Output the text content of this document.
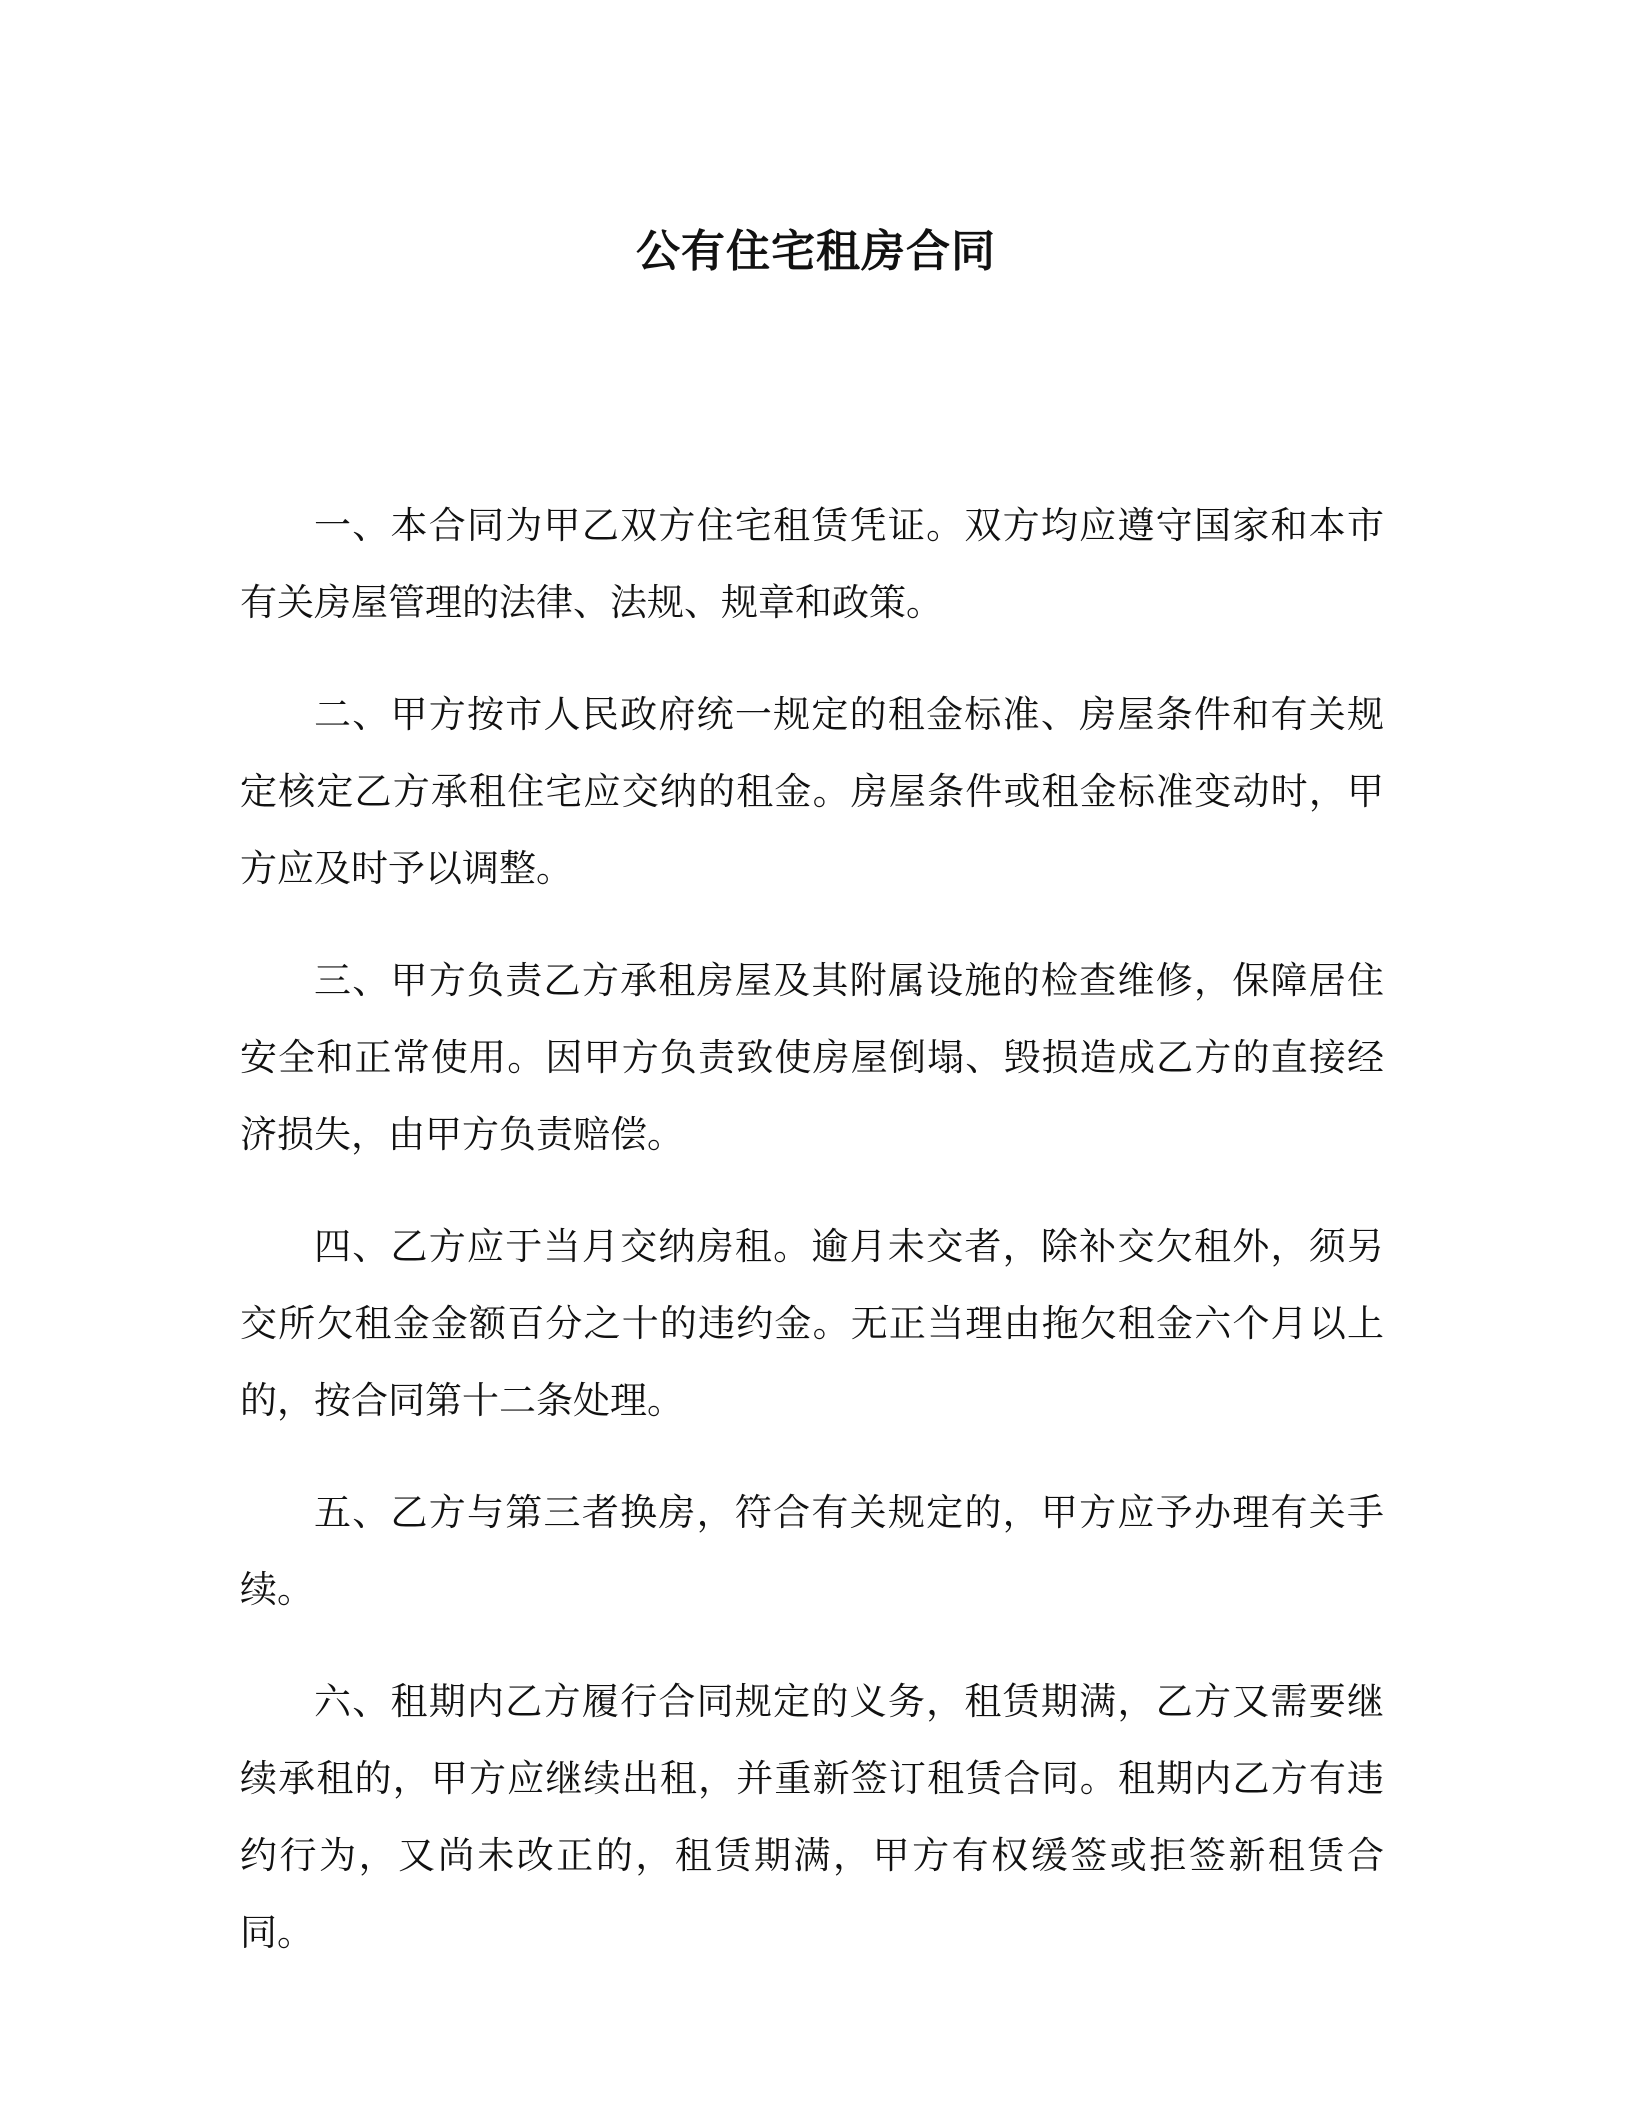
公有住宅租房合同

一、本合同为甲乙双方住宅租赁凭证。双方均应遵守国家和本市有关房屋管理的法律、法规、规章和政策。

二、甲方按市人民政府统一规定的租金标准、房屋条件和有关规定核定乙方承租住宅应交纳的租金。房屋条件或租金标准变动时，甲方应及时予以调整。

三、甲方负责乙方承租房屋及其附属设施的检查维修，保障居住安全和正常使用。因甲方负责致使房屋倒塌、毁损造成乙方的直接经济损失，由甲方负责赔偿。

四、乙方应于当月交纳房租。逾月未交者，除补交欠租外，须另交所欠租金金额百分之十的违约金。无正当理由拖欠租金六个月以上的，按合同第十二条处理。

五、乙方与第三者换房，符合有关规定的，甲方应予办理有关手续。

六、租期内乙方履行合同规定的义务，租赁期满，乙方又需要继续承租的，甲方应继续出租，并重新签订租赁合同。租期内乙方有违约行为，又尚未改正的，租赁期满，甲方有权缓签或拒签新租赁合同。
